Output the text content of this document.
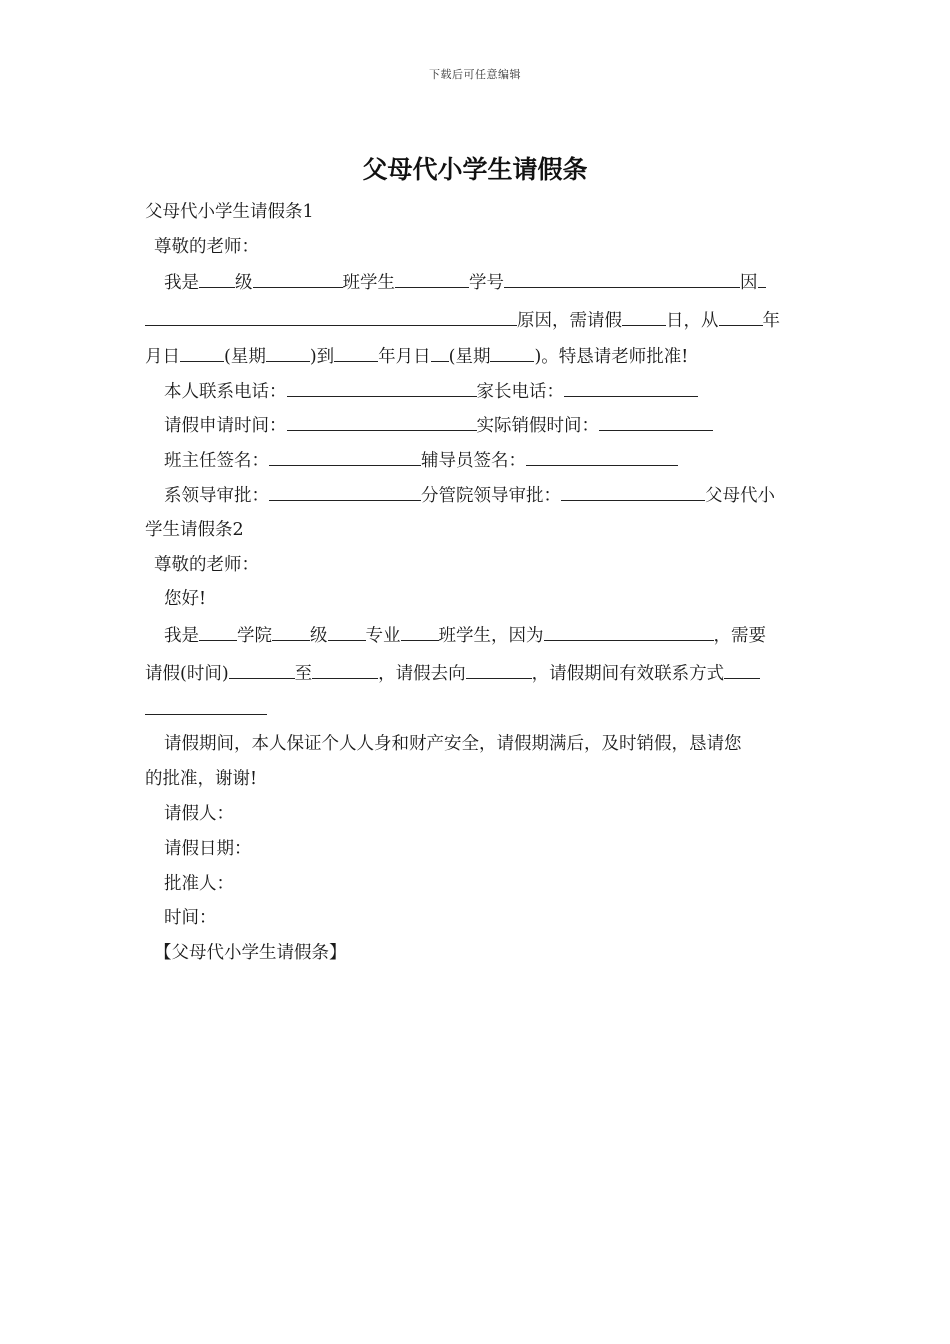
下载后可任意编辑
父母代小学生请假条
父母代小学生请假条1
尊敬的老师：
我是 级	班学生	学号	因
原因，需请假	日，从	年
月日	(星期	)到	年月日 (星期	)。特恳请老师批准!
本人联系电话：	家长电话：
请假申请时间：	实际销假时间：
班主任签名：	辅导员签名：
系领导审批：	分管院领导审批：	父母代小
学生请假条2
尊敬的老师：
您好!
我是 学院 级 专业 班学生，因为	，需要
请假(时间)	至	，请假去向	，请假期间有效联系方式
请假期间，本人保证个人人身和财产安全，请假期满后，及时销假，恳请您
的批准，谢谢!
请假人：
请假日期：
批准人：
时间：
【父母代小学生请假条】
